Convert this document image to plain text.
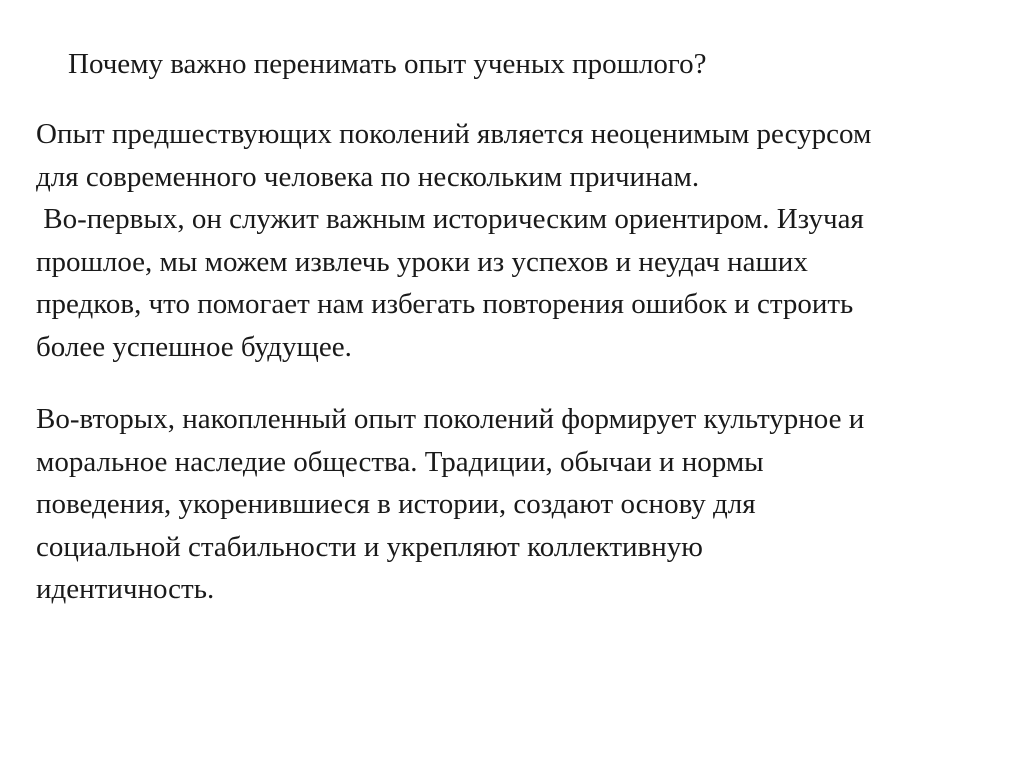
Почему важно перенимать опыт ученых прошлого?

Опыт предшествующих поколений является неоценимым ресурсом
для современного человека по нескольким причинам.
Во-первых, он служит важным историческим ориентиром. Изучая
прошлое, мы можем извлечь уроки из успехов и неудач наших
предков, что помогает нам избегать повторения ошибок и строить
более успешное будущее.

Во-вторых, накопленный опыт поколений формирует культурное и
моральное наследие общества. Традиции, обычаи и нормы
поведения, укоренившиеся в истории, создают основу для
социальной стабильности и укрепляют коллективную
идентичность.
